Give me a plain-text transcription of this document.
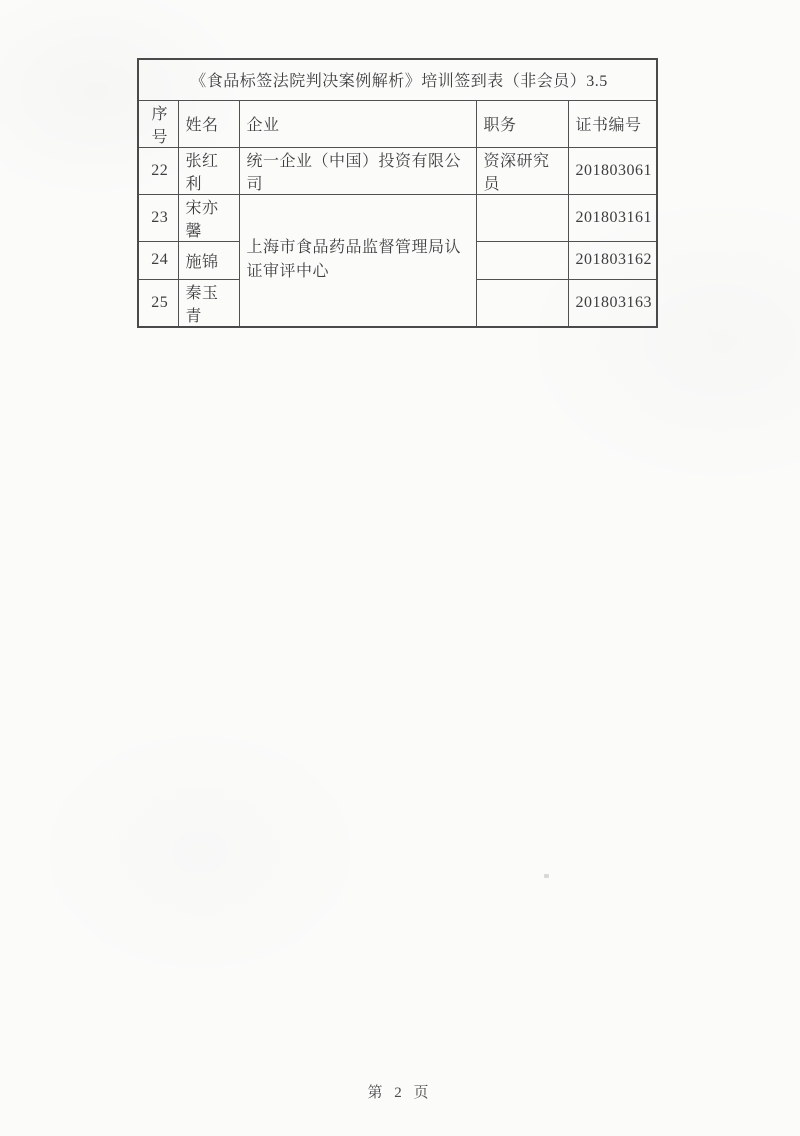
《食品标签法院判决案例解析》培训签到表（非会员）3.5				
序号	姓名	企业	职务	证书编号
22	张红利	统一企业（中国）投资有限公司	资深研究员	201803061
23	宋亦馨	上海市食品药品监督管理局认证审评中心		201803161
24	施锦			201803162
25	秦玉青			201803163
第 2 页
